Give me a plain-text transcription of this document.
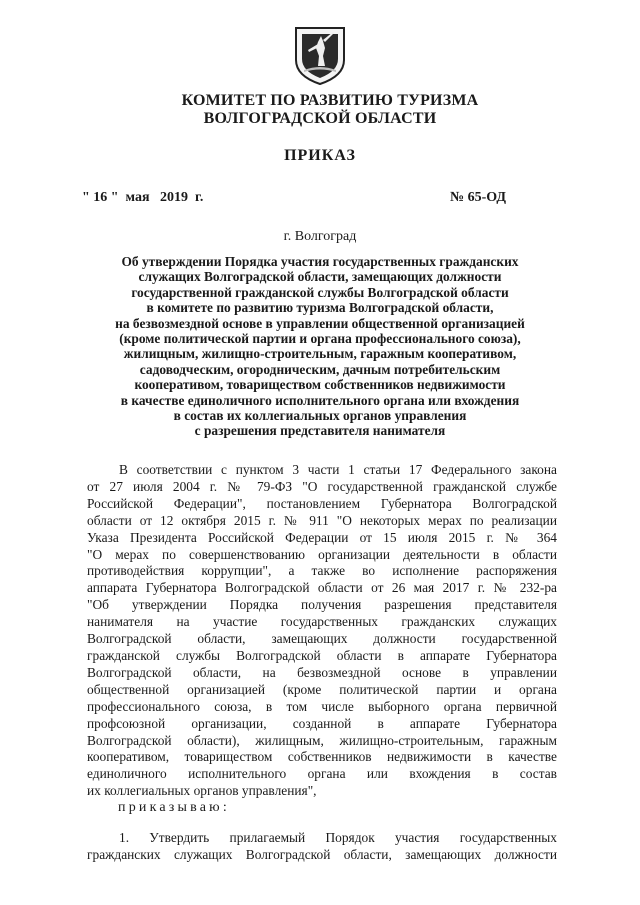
КОМИТЕТ ПО РАЗВИТИЮ ТУРИЗМА
ВОЛГОГРАДСКОЙ ОБЛАСТИ
ПРИКАЗ
" 16 "  мая   2019  г.	№ 65-ОД
г. Волгоград
Об утверждении Порядка участия государственных гражданских
служащих Волгоградской области, замещающих должности
государственной гражданской службы Волгоградской области
в комитете по развитию туризма Волгоградской области,
на безвозмездной основе в управлении общественной организацией
(кроме политической партии и органа профессионального союза),
жилищным, жилищно-строительным, гаражным кооперативом,
садоводческим, огородническим, дачным потребительским
кооперативом, товариществом собственников недвижимости
в качестве единоличного исполнительного органа или вхождения
в состав их коллегиальных органов управления
с разрешения представителя нанимателя
В соответствии с пунктом 3 части 1 статьи 17 Федерального закона
от 27 июля 2004 г. № 79-ФЗ "О государственной гражданской службе
Российской Федерации", постановлением Губернатора Волгоградской
области от 12 октября 2015 г. № 911 "О некоторых мерах по реализации
Указа Президента Российской Федерации от 15 июля 2015 г. № 364
"О мерах по совершенствованию организации деятельности в области
противодействия коррупции", а также во исполнение распоряжения
аппарата Губернатора Волгоградской области от 26 мая 2017 г. № 232-ра
"Об утверждении Порядка получения разрешения представителя
нанимателя на участие государственных гражданских служащих
Волгоградской области, замещающих должности государственной
гражданской службы Волгоградской области в аппарате Губернатора
Волгоградской области, на безвозмездной основе в управлении
общественной организацией (кроме политической партии и органа
профессионального союза, в том числе выборного органа первичной
профсоюзной организации, созданной в аппарате Губернатора
Волгоградской области), жилищным, жилищно-строительным, гаражным
кооперативом, товариществом собственников недвижимости в качестве
единоличного исполнительного органа или вхождения в состав
их коллегиальных органов управления",
приказываю:
1. Утвердить прилагаемый Порядок участия государственных
гражданских служащих Волгоградской области, замещающих должности
